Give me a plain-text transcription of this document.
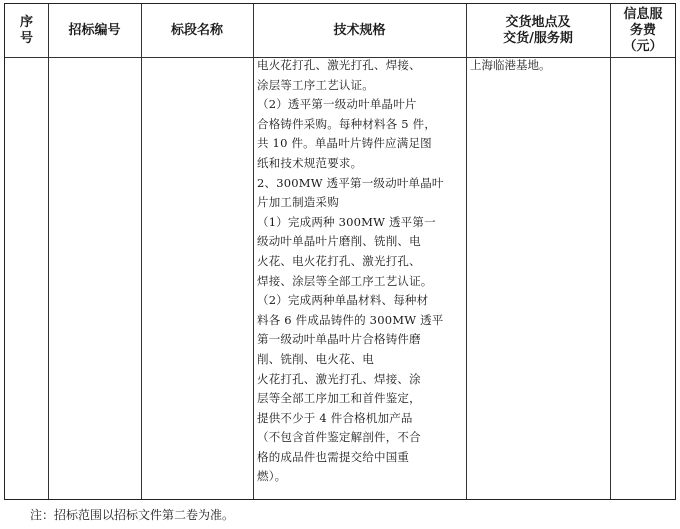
序
号
招标编号	标段名称	技术规格
交货地点及
交货/服务期
信息服
务费
（元）
电火花打孔、激光打孔、焊接、
涂层等工序工艺认证。
（2）透平第一级动叶单晶叶片
合格铸件采购。每种材料各 5 件，
共 10 件。单晶叶片铸件应满足图
纸和技术规范要求。
2、300MW 透平第一级动叶单晶叶
片加工制造采购
（1）完成两种 300MW 透平第一
级动叶单晶叶片磨削、铣削、电
火花、电火花打孔、激光打孔、
焊接、涂层等全部工序工艺认证。
（2）完成两种单晶材料、每种材
料各 6 件成品铸件的 300MW 透平
第一级动叶单晶叶片合格铸件磨
削、铣削、电火花、电
火花打孔、激光打孔、焊接、涂
层等全部工序加工和首件鉴定，
提供不少于 4 件合格机加产品
（不包含首件鉴定解剖件，不合
格的成品件也需提交给中国重
燃）。
上海临港基地。
注：招标范围以招标文件第二卷为准。
